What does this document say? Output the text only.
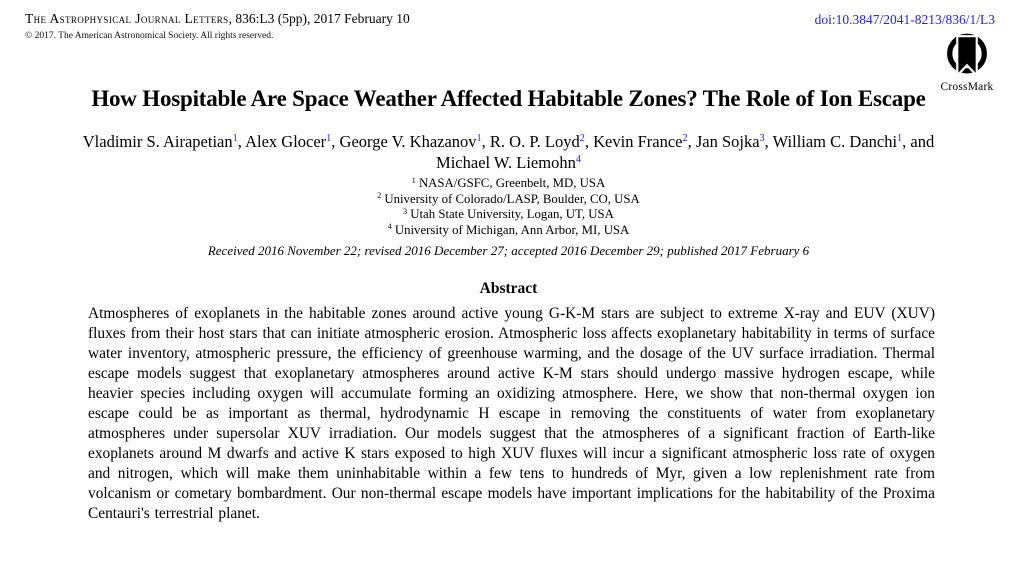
The Astrophysical Journal Letters, 836:L3 (5pp), 2017 February 10
© 2017. The American Astronomical Society. All rights reserved.
doi:10.3847/2041-8213/836/1/L3
CrossMark
How Hospitable Are Space Weather Affected Habitable Zones? The Role of Ion Escape
Vladimir S. Airapetian$^1$, Alex Glocer$^1$, George V. Khazanov$^1$, R. O. P. Loyd$^2$, Kevin France$^2$, Jan Sojka$^3$, William C. Danchi$^1$, and
Michael W. Liemohn$^4$
$^1$ NASA/GSFC, Greenbelt, MD, USA
$^2$ University of Colorado/LASP, Boulder, CO, USA
$^3$ Utah State University, Logan, UT, USA
$^4$ University of Michigan, Ann Arbor, MI, USA
Received 2016 November 22; revised 2016 December 27; accepted 2016 December 29; published 2017 February 6
Abstract

Atmospheres of exoplanets in the habitable zones around active young G-K-M stars are subject to extreme X-ray and EUV (XUV) fluxes from their host stars that can initiate atmospheric erosion. Atmospheric loss affects exoplanetary habitability in terms of surface water inventory, atmospheric pressure, the efficiency of greenhouse warming, and the dosage of the UV surface irradiation. Thermal escape models suggest that exoplanetary atmospheres around active K-M stars should undergo massive hydrogen escape, while heavier species including oxygen will accumulate forming an oxidizing atmosphere. Here, we show that non-thermal oxygen ion escape could be as important as thermal, hydrodynamic H escape in removing the constituents of water from exoplanetary atmospheres under supersolar XUV irradiation. Our models suggest that the atmospheres of a significant fraction of Earth-like exoplanets around M dwarfs and active K stars exposed to high XUV fluxes will incur a significant atmospheric loss rate of oxygen and nitrogen, which will make them uninhabitable within a few tens to hundreds of Myr, given a low replenishment rate from volcanism or cometary bombardment. Our non-thermal escape models have important implications for the habitability of the Proxima Centauri's terrestrial planet.
